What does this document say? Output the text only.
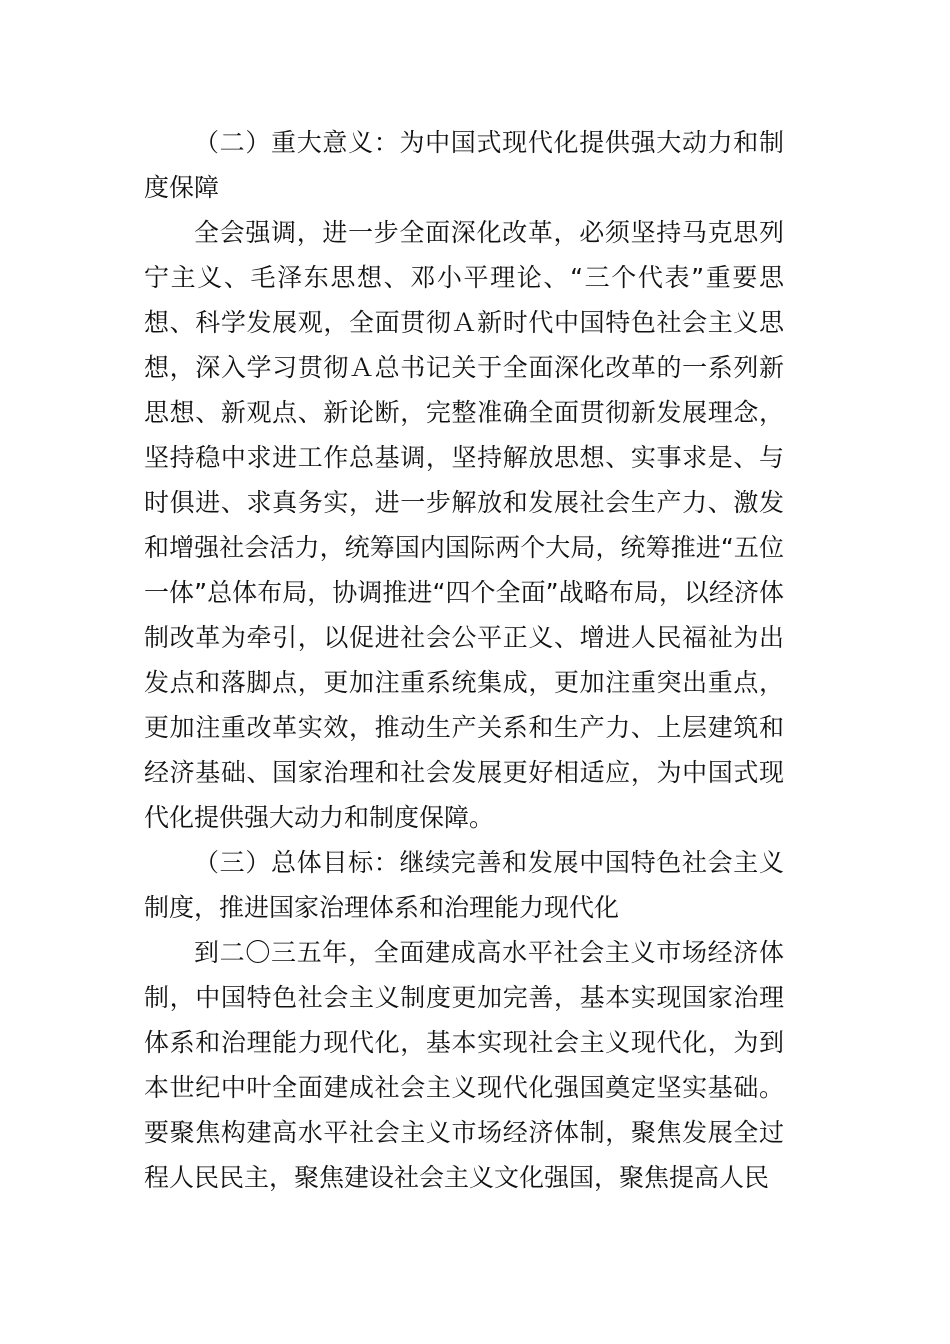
（二）重大意义：为中国式现代化提供强大动力和制度保障

全会强调，进一步全面深化改革，必须坚持马克思列宁主义、毛泽东思想、邓小平理论、“三个代表”重要思想、科学发展观，全面贯彻Ａ新时代中国特色社会主义思想，深入学习贯彻Ａ总书记关于全面深化改革的一系列新思想、新观点、新论断，完整准确全面贯彻新发展理念，坚持稳中求进工作总基调，坚持解放思想、实事求是、与时俱进、求真务实，进一步解放和发展社会生产力、激发和增强社会活力，统筹国内国际两个大局，统筹推进“五位一体”总体布局，协调推进“四个全面”战略布局，以经济体制改革为牵引，以促进社会公平正义、增进人民福祉为出发点和落脚点，更加注重系统集成，更加注重突出重点，更加注重改革实效，推动生产关系和生产力、上层建筑和经济基础、国家治理和社会发展更好相适应，为中国式现代化提供强大动力和制度保障。

（三）总体目标：继续完善和发展中国特色社会主义制度，推进国家治理体系和治理能力现代化

到二〇三五年，全面建成高水平社会主义市场经济体制，中国特色社会主义制度更加完善，基本实现国家治理体系和治理能力现代化，基本实现社会主义现代化，为到本世纪中叶全面建成社会主义现代化强国奠定坚实基础。要聚焦构建高水平社会主义市场经济体制，聚焦发展全过程人民民主，聚焦建设社会主义文化强国，聚焦提高人民
